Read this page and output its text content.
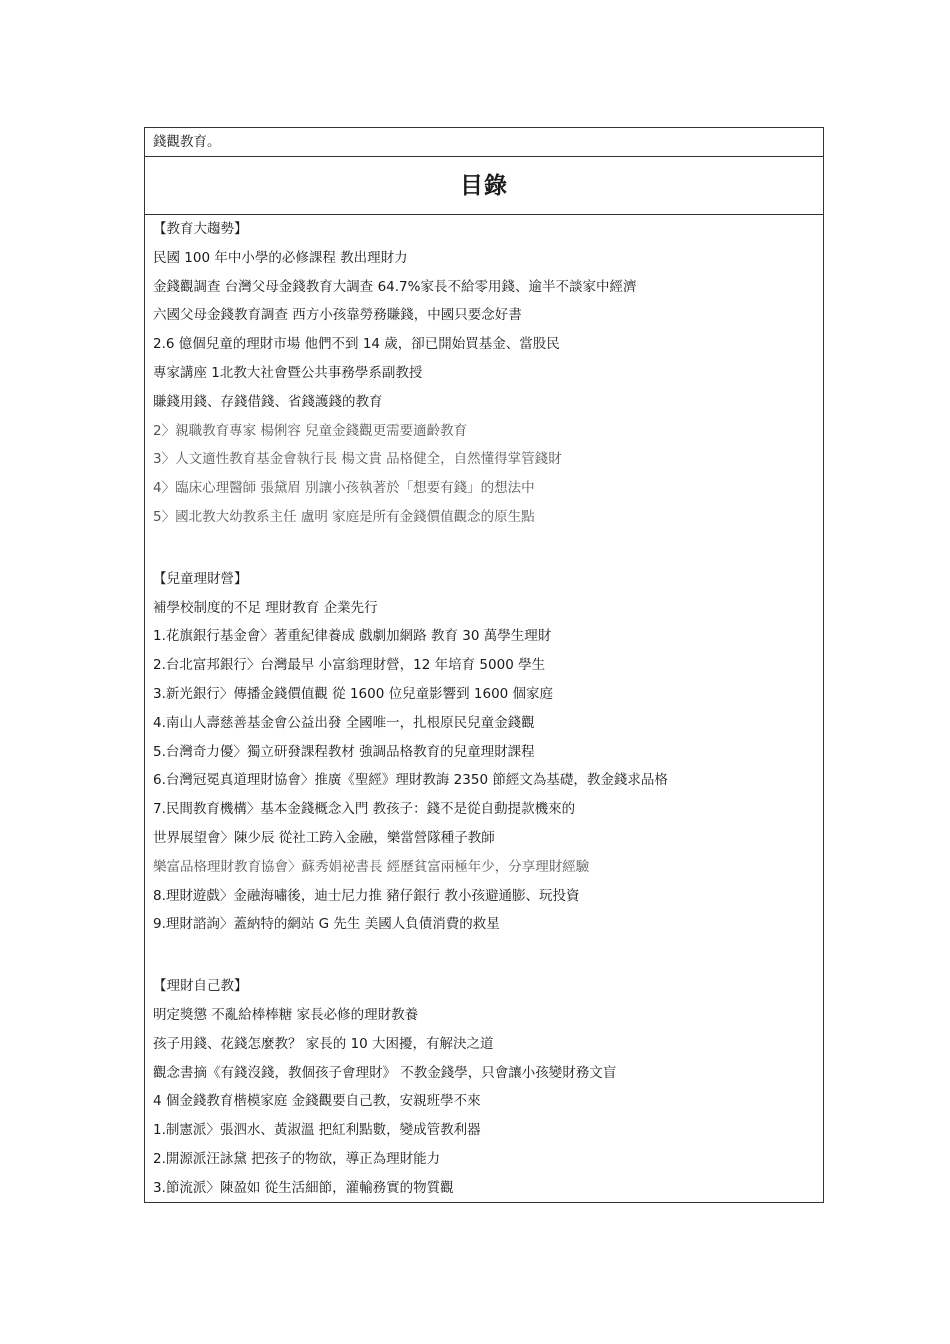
錢觀教育。
目錄
【教育大趨勢】
民國 100 年中小學的必修課程 教出理財力
金錢觀調查 台灣父母金錢教育大調查 64.7%家長不給零用錢、逾半不談家中經濟
六國父母金錢教育調查 西方小孩靠勞務賺錢，中國只要念好書
2.6 億個兒童的理財市場 他們不到 14 歲，卻已開始買基金、當股民
專家講座 1北教大社會暨公共事務學系副教授
賺錢用錢、存錢借錢、省錢護錢的教育
2〉親職教育專家 楊俐容 兒童金錢觀更需要適齡教育
3〉人文適性教育基金會執行長 楊文貴 品格健全，自然懂得掌管錢財
4〉臨床心理醫師 張黛眉 別讓小孩執著於「想要有錢」的想法中
5〉國北教大幼教系主任 盧明 家庭是所有金錢價值觀念的原生點
【兒童理財營】
補學校制度的不足 理財教育 企業先行
1.花旗銀行基金會〉著重紀律養成 戲劇加網路 教育 30 萬學生理財
2.台北富邦銀行〉台灣最早 小富翁理財營，12 年培育 5000 學生
3.新光銀行〉傳播金錢價值觀 從 1600 位兒童影響到 1600 個家庭
4.南山人壽慈善基金會公益出發 全國唯一，扎根原民兒童金錢觀
5.台灣奇力優〉獨立研發課程教材 強調品格教育的兒童理財課程
6.台灣冠冕真道理財協會〉推廣《聖經》理財教誨 2350 節經文為基礎，教金錢求品格
7.民間教育機構〉基本金錢概念入門 教孩子：錢不是從自動提款機來的
世界展望會〉陳少辰 從社工跨入金融，樂當營隊種子教師
樂富品格理財教育協會〉蘇秀娟祕書長 經歷貧富兩極年少，分享理財經驗
8.理財遊戲〉金融海嘯後，迪士尼力推 豬仔銀行 教小孩避通膨、玩投資
9.理財諮詢〉蓋納特的網站 G 先生 美國人負債消費的救星
【理財自己教】
明定獎懲 不亂給棒棒糖 家長必修的理財教養
孩子用錢、花錢怎麼教？ 家長的 10 大困擾，有解決之道
觀念書摘《有錢沒錢，教個孩子會理財》 不教金錢學，只會讓小孩變財務文盲
4 個金錢教育楷模家庭 金錢觀要自己教，安親班學不來
1.制憲派〉張泗水、黃淑溫 把紅利點數，變成管教利器
2.開源派汪詠黛 把孩子的物欲，導正為理財能力
3.節流派〉陳盈如 從生活細節，灌輸務實的物質觀
